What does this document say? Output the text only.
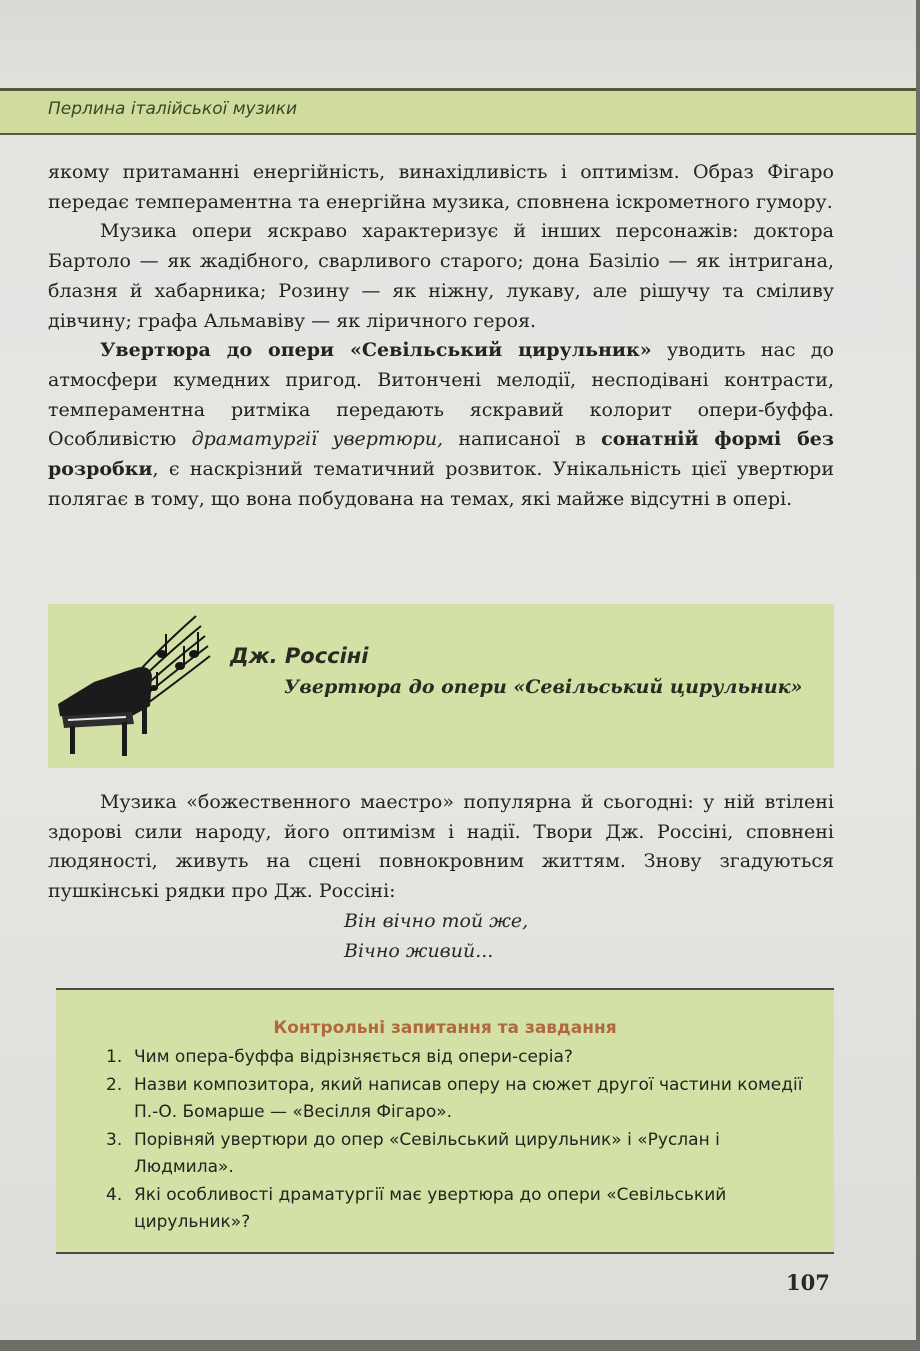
Перлина італійської музики

якому притаманні енергійність, винахідливість і оптимізм. Образ Фігаро передає темпераментна та енергійна музика, сповнена іскрометного гумору.

Музика опери яскраво характеризує й інших персонажів: доктора Бартоло — як жадібного, сварливого старого; дона Базіліо — як інтригана, блазня й хабарника; Розину — як ніжну, лукаву, але рішучу та сміливу дівчину; графа Альмавіву — як ліричного героя.

Увертюра до опери «Севільський цирульник» уводить нас до атмосфери кумедних пригод. Витончені мелодії, несподівані контрасти, темпераментна ритміка передають яскравий колорит опери-буффа. Особливістю драматургії увертюри, написаної в сонатній формі без розробки, є наскрізний тематичний розвиток. Унікальність цієї увертюри полягає в тому, що вона побудована на темах, які майже відсутні в опері.

Дж. Россіні
Увертюра до опери «Севільський цирульник»

Музика «божественного маестро» популярна й сьогодні: у ній втілені здорові сили народу, його оптимізм і надії. Твори Дж. Россіні, сповнені людяності, живуть на сцені повнокровним життям. Знову згадуються пушкінські рядки про Дж. Россіні:

Він вічно той же,
Вічно живий...
Контрольні запитання та завдання
1. Чим опера-буффа відрізняється від опери-серіа?
2. Назви композитора, який написав оперу на сюжет другої частини комедії П.-О. Бомарше — «Весілля Фігаро».
3. Порівняй увертюри до опер «Севільський цирульник» і «Руслан і Людмила».
4. Які особливості драматургії має увертюра до опери «Севільський цирульник»?
107
